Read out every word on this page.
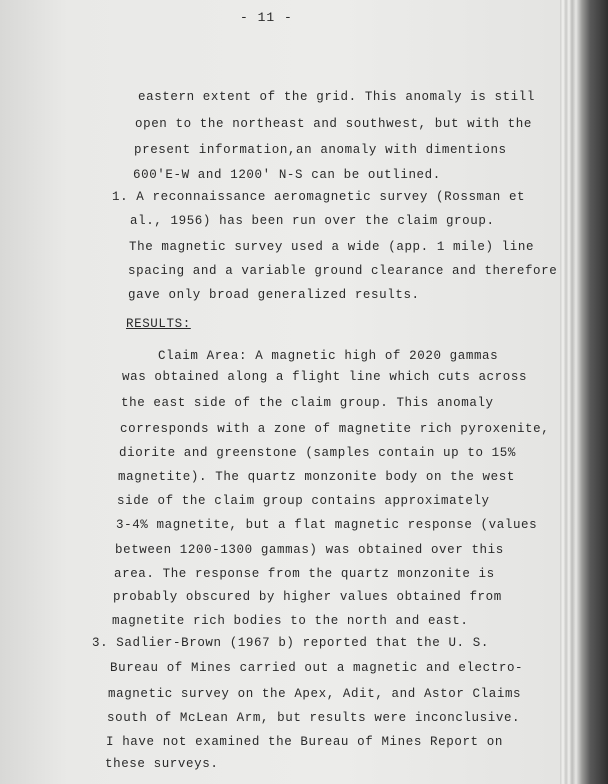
- 11 -
eastern extent of the grid. This anomaly is still
open to the northeast and southwest, but with the
present information,an anomaly with dimentions
600'E-W and 1200' N-S can be outlined.
1. A reconnaissance aeromagnetic survey (Rossman et
al., 1956) has been run over the claim group.
The magnetic survey used a wide (app. 1 mile) line
spacing and a variable ground clearance and therefore
gave only broad generalized results.
RESULTS:
Claim Area: A magnetic high of 2020 gammas
was obtained along a flight line which cuts across
the east side of the claim group. This anomaly
corresponds with a zone of magnetite rich pyroxenite,
diorite and greenstone (samples contain up to 15%
magnetite). The quartz monzonite body on the west
side of the claim group contains approximately
3-4% magnetite, but a flat magnetic response (values
between 1200-1300 gammas) was obtained over this
area. The response from the quartz monzonite is
probably obscured by higher values obtained from
magnetite rich bodies to the north and east.
3. Sadlier-Brown (1967 b) reported that the U. S.
Bureau of Mines carried out a magnetic and electro-
magnetic survey on the Apex, Adit, and Astor Claims
south of McLean Arm, but results were inconclusive.
I have not examined the Bureau of Mines Report on
these surveys.
